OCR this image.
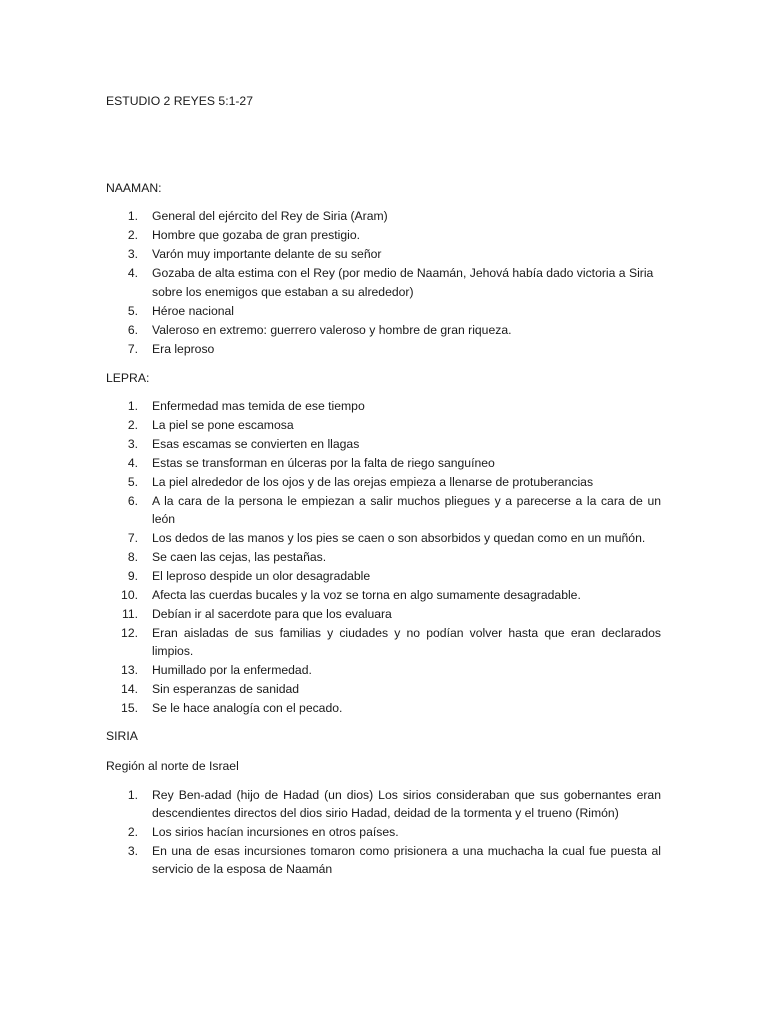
ESTUDIO 2 REYES 5:1-27
NAAMAN:
1. General del ejército del Rey de Siria (Aram)
2. Hombre que gozaba de gran prestigio.
3. Varón muy importante delante de su señor
4. Gozaba de alta estima con el Rey (por medio de Naamán, Jehová había dado victoria a Siria
sobre los enemigos que estaban a su alrededor)
5. Héroe nacional
6. Valeroso en extremo: guerrero valeroso y hombre de gran riqueza.
7. Era leproso
LEPRA:
1. Enfermedad mas temida de ese tiempo
2. La piel se pone escamosa
3. Esas escamas se convierten en llagas
4. Estas se transforman en úlceras por la falta de riego sanguíneo
5. La piel alrededor de los ojos y de las orejas empieza a llenarse de protuberancias
6. A la cara de la persona le empiezan a salir muchos pliegues y a parecerse a la cara de un
león
7. Los dedos de las manos y los pies se caen o son absorbidos y quedan como en un muñón.
8. Se caen las cejas, las pestañas.
9. El leproso despide un olor desagradable
10. Afecta las cuerdas bucales y la voz se torna en algo sumamente desagradable.
11. Debían ir al sacerdote para que los evaluara
12. Eran aisladas de sus familias y ciudades y no podían volver hasta que eran declarados
limpios.
13. Humillado por la enfermedad.
14. Sin esperanzas de sanidad
15. Se le hace analogía con el pecado.
SIRIA
Región al norte de Israel
1. Rey Ben-adad (hijo de Hadad (un dios) Los sirios consideraban que sus gobernantes eran
descendientes directos del dios sirio Hadad, deidad de la tormenta y el trueno (Rimón)
2. Los sirios hacían incursiones en otros países.
3. En una de esas incursiones tomaron como prisionera a una muchacha la cual fue puesta al
servicio de la esposa de Naamán
